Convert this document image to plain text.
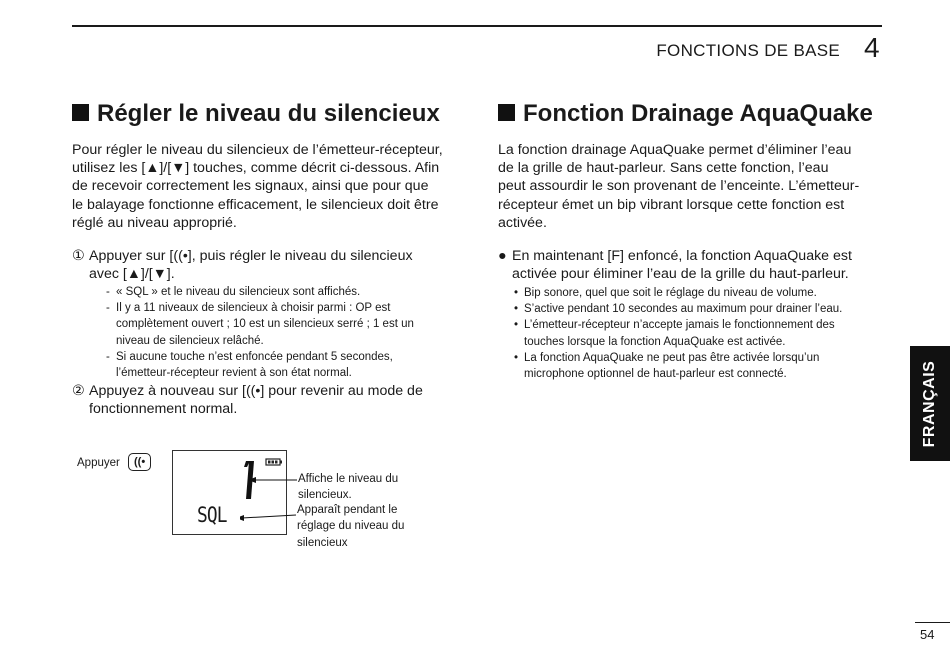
FONCTIONS DE BASE 4
Régler le niveau du silencieux
Pour régler le niveau du silencieux de l’émetteur-récepteur,
utilisez les [▲]/[▼] touches, comme décrit ci-dessous. Afin
de recevoir correctement les signaux, ainsi que pour que
le balayage fonctionne efficacement, le silencieux doit être
réglé au niveau approprié.
① Appuyer sur [((•], puis régler le niveau du silencieux
avec [▲]/[▼].
- « SQL » et le niveau du silencieux sont affichés.
- Il y a 11 niveaux de silencieux à choisir parmi : OP est
complètement ouvert ; 10 est un silencieux serré ; 1 est un
niveau de silencieux relâché.
- Si aucune touche n’est enfoncée pendant 5 secondes,
l’émetteur-récepteur revient à son état normal.
② Appuyez à nouveau sur [((•] pour revenir au mode de
fonctionnement normal.
Appuyer	((•
SQL
Affiche le niveau du
silencieux.
Apparaît pendant le
réglage du niveau du
silencieux
Fonction Drainage AquaQuake
La fonction drainage AquaQuake permet d’éliminer l’eau
de la grille de haut-parleur. Sans cette fonction, l’eau
peut assourdir le son provenant de l’enceinte. L’émetteur-
récepteur émet un bip vibrant lorsque cette fonction est
activée.
● En maintenant [F] enfoncé, la fonction AquaQuake est
activée pour éliminer l’eau de la grille du haut-parleur.
• Bip sonore, quel que soit le réglage du niveau de volume.
• S’active pendant 10 secondes au maximum pour drainer l’eau.
• L’émetteur-récepteur n’accepte jamais le fonctionnement des
touches lorsque la fonction AquaQuake est activée.
• La fonction AquaQuake ne peut pas être activée lorsqu’un
microphone optionnel de haut-parleur est connecté.	FRANÇAIS
54
